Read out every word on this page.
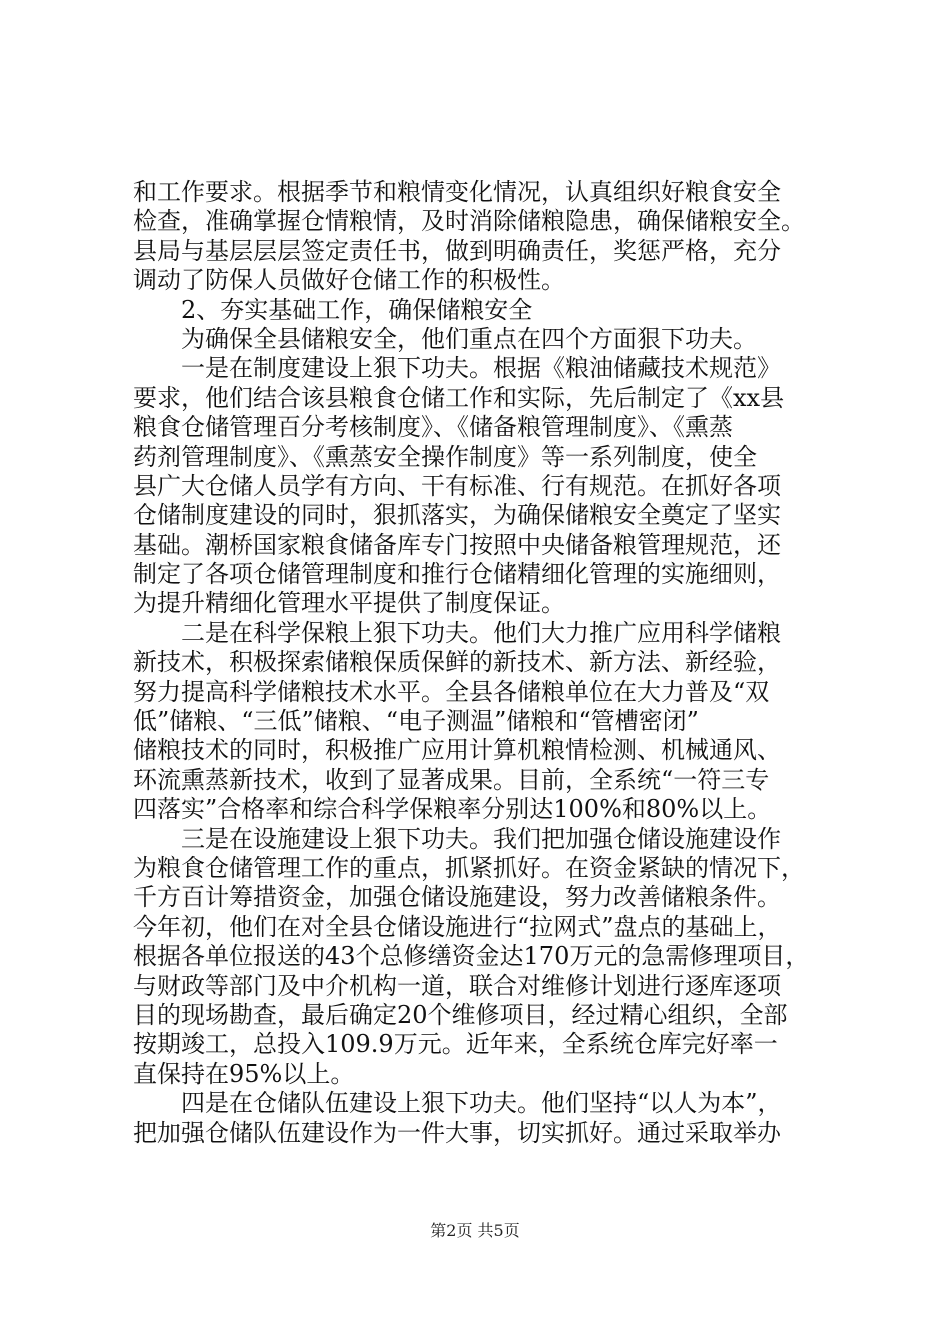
和工作要求。根据季节和粮情变化情况，认真组织好粮食安全
检查，准确掌握仓情粮情，及时消除储粮隐患，确保储粮安全。
县局与基层层层签定责任书，做到明确责任，奖惩严格，充分
调动了防保人员做好仓储工作的积极性。
2、夯实基础工作，确保储粮安全
为确保全县储粮安全，他们重点在四个方面狠下功夫。
一是在制度建设上狠下功夫。根据《粮油储藏技术规范》
要求，他们结合该县粮食仓储工作和实际，先后制定了《xx县
粮食仓储管理百分考核制度》、《储备粮管理制度》、《熏蒸
药剂管理制度》、《熏蒸安全操作制度》等一系列制度，使全
县广大仓储人员学有方向、干有标准、行有规范。在抓好各项
仓储制度建设的同时，狠抓落实，为确保储粮安全奠定了坚实
基础。潮桥国家粮食储备库专门按照中央储备粮管理规范，还
制定了各项仓储管理制度和推行仓储精细化管理的实施细则，
为提升精细化管理水平提供了制度保证。
二是在科学保粮上狠下功夫。他们大力推广应用科学储粮
新技术，积极探索储粮保质保鲜的新技术、新方法、新经验，
努力提高科学储粮技术水平。全县各储粮单位在大力普及“双
低”储粮、“三低”储粮、“电子测温”储粮和“管槽密闭”
储粮技术的同时，积极推广应用计算机粮情检测、机械通风、
环流熏蒸新技术，收到了显著成果。目前，全系统“一符三专
四落实”合格率和综合科学保粮率分别达100%和80%以上。
三是在设施建设上狠下功夫。我们把加强仓储设施建设作
为粮食仓储管理工作的重点，抓紧抓好。在资金紧缺的情况下，
千方百计筹措资金，加强仓储设施建设，努力改善储粮条件。
今年初，他们在对全县仓储设施进行“拉网式”盘点的基础上，
根据各单位报送的43个总修缮资金达170万元的急需修理项目，
与财政等部门及中介机构一道，联合对维修计划进行逐库逐项
目的现场勘查，最后确定20个维修项目，经过精心组织，全部
按期竣工，总投入109.9万元。近年来，全系统仓库完好率一
直保持在95%以上。
四是在仓储队伍建设上狠下功夫。他们坚持“以人为本”，
把加强仓储队伍建设作为一件大事，切实抓好。通过采取举办
第2页 共5页
